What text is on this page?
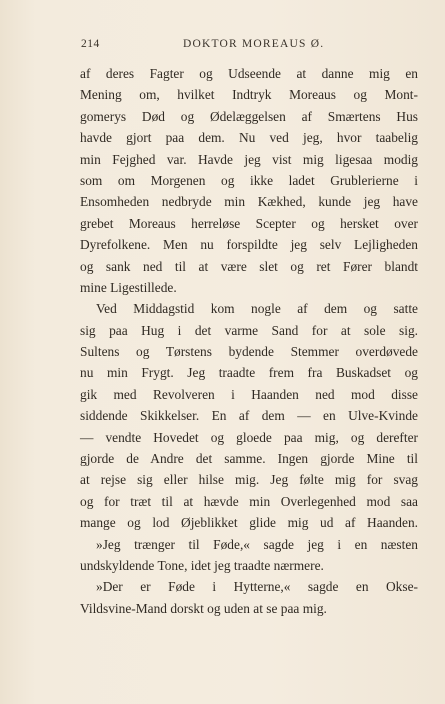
214	DOKTOR MOREAUS Ø.
af deres Fagter og Udseende at danne mig en
Mening om, hvilket Indtryk Moreaus og Mont-
gomerys Død og Ødelæggelsen af Smærtens Hus
havde gjort paa dem. Nu ved jeg, hvor taabelig
min Fejghed var. Havde jeg vist mig ligesaa modig
som om Morgenen og ikke ladet Grublerierne i
Ensomheden nedbryde min Kækhed, kunde jeg have
grebet Moreaus herreløse Scepter og hersket over
Dyrefolkene. Men nu forspildte jeg selv Lejligheden
og sank ned til at være slet og ret Fører blandt
mine Ligestillede.
Ved Middagstid kom nogle af dem og satte
sig paa Hug i det varme Sand for at sole sig.
Sultens og Tørstens bydende Stemmer overdøvede
nu min Frygt. Jeg traadte frem fra Buskadset og
gik med Revolveren i Haanden ned mod disse
siddende Skikkelser. En af dem — en Ulve-Kvinde
— vendte Hovedet og gloede paa mig, og derefter
gjorde de Andre det samme. Ingen gjorde Mine til
at rejse sig eller hilse mig. Jeg følte mig for svag
og for træt til at hævde min Overlegenhed mod saa
mange og lod Øjeblikket glide mig ud af Haanden.
»Jeg trænger til Føde,« sagde jeg i en næsten
undskyldende Tone, idet jeg traadte nærmere.
»Der er Føde i Hytterne,« sagde en Okse-
Vildsvine-Mand dorskt og uden at se paa mig.
